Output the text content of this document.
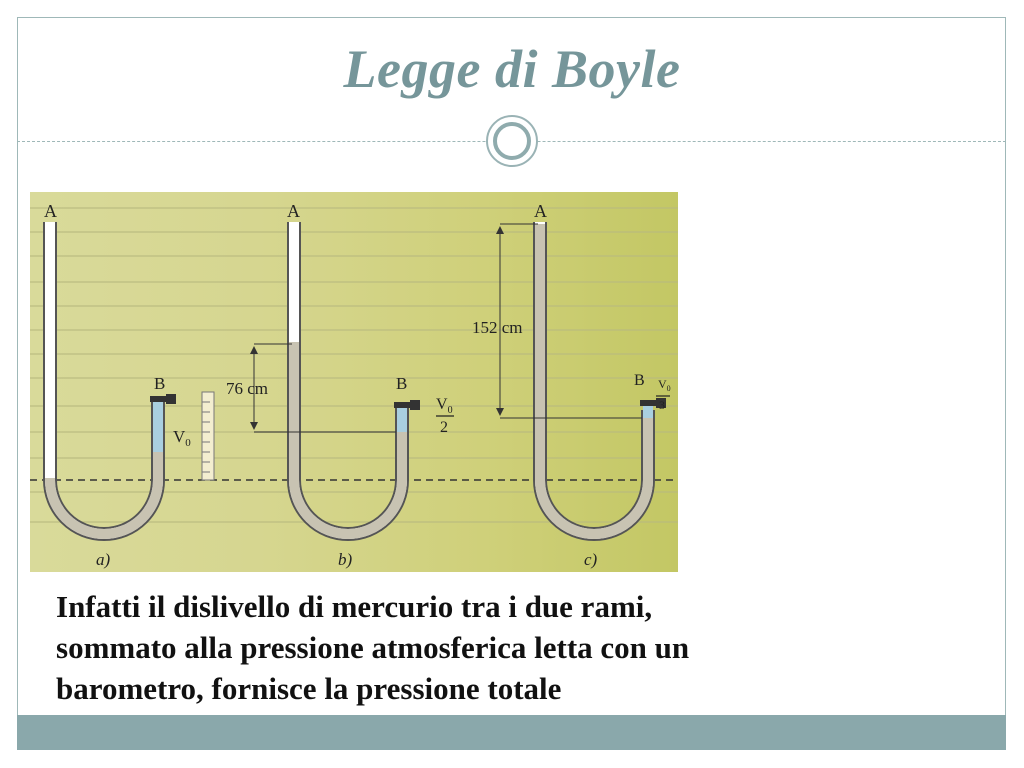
Legge di Boyle
A	A	A
B	B	B
$V_0$
$V_0$
2
$V_0$
3
76 cm
152 cm
a)	b)	c)
Infatti il dislivello di mercurio tra i due rami,
sommato alla pressione atmosferica letta con un
barometro, fornisce la pressione totale
